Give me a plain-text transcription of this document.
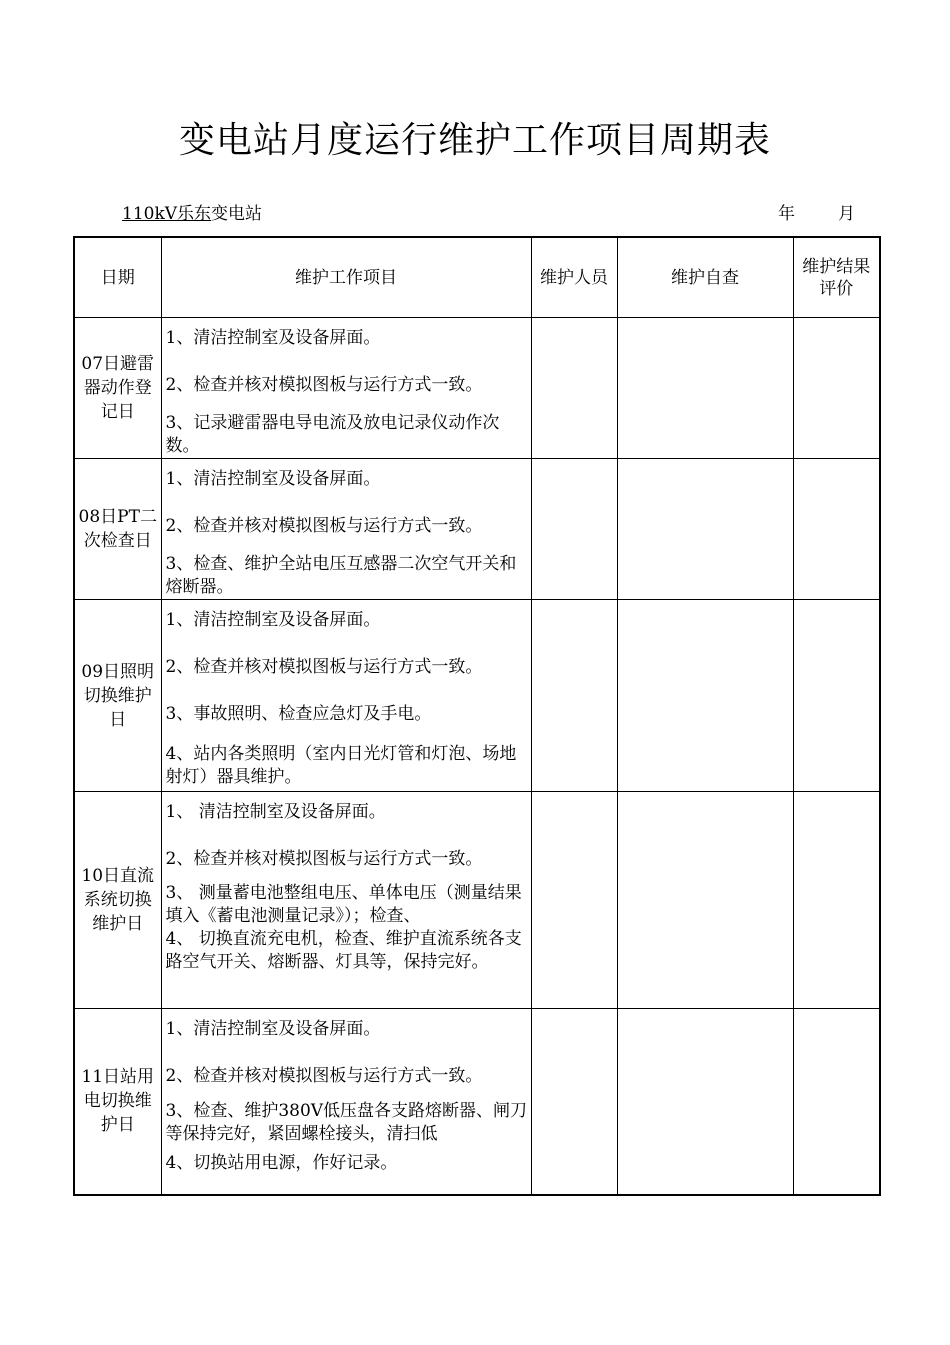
变电站月度运行维护工作项目周期表
110kV乐东变电站	年	月
日期	维护工作项目	维护人员	维护自查	维护结果评价

07日避雷器动作登记日	1、清洁控制室及设备屏面。
2、检查并核对模拟图板与运行方式一致。
3、记录避雷器电导电流及放电记录仪动作次数。			

08日PT二次检查日	1、清洁控制室及设备屏面。
2、检查并核对模拟图板与运行方式一致。
3、检查、维护全站电压互感器二次空气开关和熔断器。			

09日照明切换维护日	1、清洁控制室及设备屏面。
2、检查并核对模拟图板与运行方式一致。
3、事故照明、检查应急灯及手电。
4、站内各类照明（室内日光灯管和灯泡、场地射灯）器具维护。			

10日直流系统切换维护日	1、 清洁控制室及设备屏面。
2、检查并核对模拟图板与运行方式一致。
3、 测量蓄电池整组电压、单体电压（测量结果填入《蓄电池测量记录》）；检查、
4、 切换直流充电机，检查、维护直流系统各支路空气开关、熔断器、灯具等，保持完好。			

11日站用电切换维护日	1、清洁控制室及设备屏面。
2、检查并核对模拟图板与运行方式一致。
3、检查、维护380V低压盘各支路熔断器、闸刀等保持完好，紧固螺栓接头，清扫低
4、切换站用电源，作好记录。			
